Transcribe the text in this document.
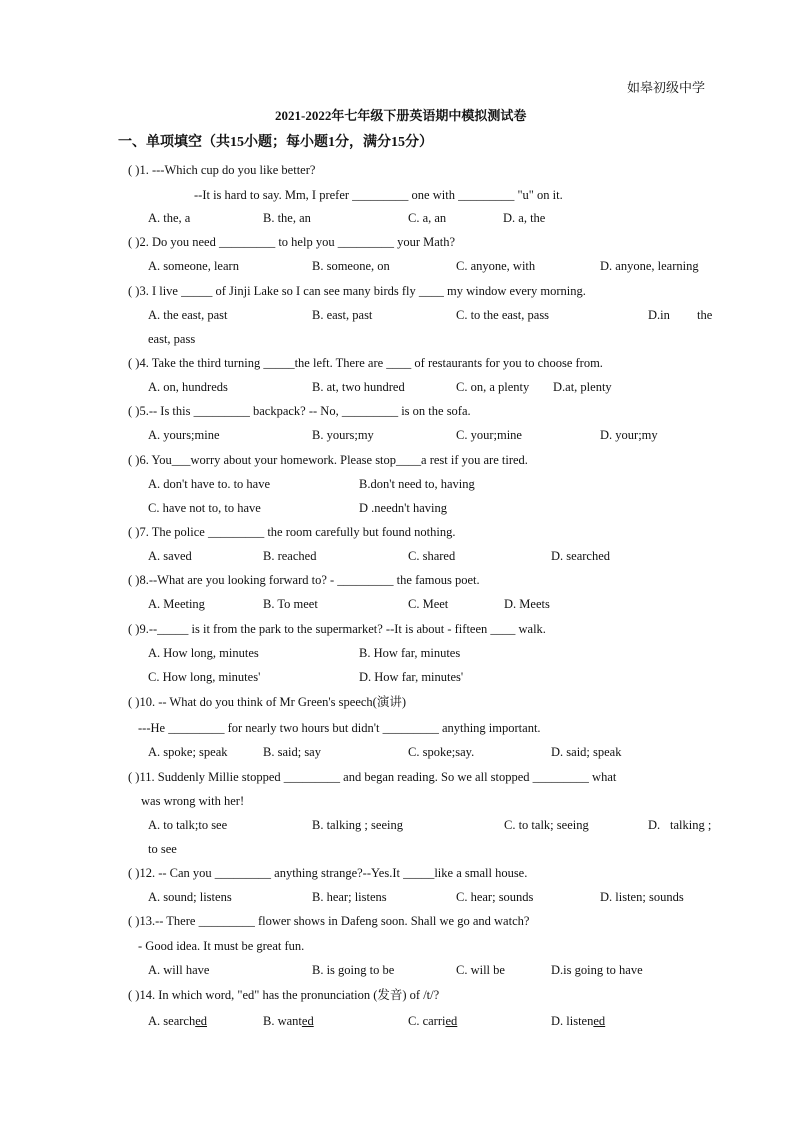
如皋初级中学
2021-2022年七年级下册英语期中模拟测试卷
一、单项填空（共15小题；每小题1分，满分15分）
( )1. ---Which cup do you like better?
--It is hard to say. Mm, I prefer _________ one with _________ "u" on it.
A. the, a	B. the, an	C. a, an	D. a, the
( )2. Do you need _________ to help you _________ your Math?
A. someone, learn	B. someone, on	C. anyone, with	D. anyone, learning
( )3. I live _____ of Jinji Lake so I can see many birds fly ____ my window every morning.
A. the east, past	B. east, past	C. to the east, pass	D.in the
east, pass
( )4. Take the third turning _____the left. There are ____ of restaurants for you to choose from.
A. on, hundreds	B. at, two hundred	C. on, a plenty D.at, plenty
( )5.-- Is this _________ backpack? -- No, _________ is on the sofa.
A. yours;mine	B. yours;my	C. your;mine	D. your;my
( )6. You___worry about your homework. Please stop____a rest if you are tired.
A. don't have to. to have	B.don't need to, having
C. have not to, to have	D .needn't having
( )7. The police _________ the room carefully but found nothing.
A. saved	B. reached	C. shared	D. searched
( )8.--What are you looking forward to? - _________ the famous poet.
A. Meeting	B. To meet	C. Meet	D. Meets
( )9.--_____ is it from the park to the supermarket? --It is about - fifteen ____ walk.
A. How long, minutes	B. How far, minutes
C. How long, minutes'	D. How far, minutes'
( )10. -- What do you think of Mr Green's speech(演讲)
---He _________ for nearly two hours but didn't _________ anything important.
A. spoke; speak	B. said; say	C. spoke;say.	D. said; speak
( )11. Suddenly Millie stopped _________ and began reading. So we all stopped _________ what
was wrong with her!
A. to talk;to see	B. talking ; seeing	C. to talk; seeing	D. talking ;
to see
( )12. -- Can you _________ anything strange?--Yes.It _____like a small house.
A. sound; listens	B. hear; listens	C. hear; sounds	D. listen; sounds
( )13.-- There _________ flower shows in Dafeng soon. Shall we go and watch?
- Good idea. It must be great fun.
A. will have	B. is going to be	C. will be	D.is going to have
( )14. In which word, "ed" has the pronunciation (发音) of /t/?
A. searched	B. wanted	C. carried	D. listened
